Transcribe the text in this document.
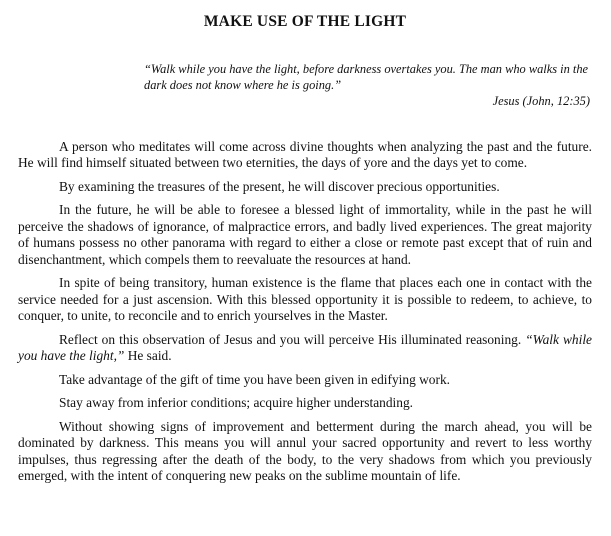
MAKE USE OF THE LIGHT

“Walk while you have the light, before darkness overtakes you. The man who walks in the dark does not know where he is going.”

Jesus (John, 12:35)

A person who meditates will come across divine thoughts when analyzing the past and the future. He will find himself situated between two eternities, the days of yore and the days yet to come.

By examining the treasures of the present, he will discover precious opportunities.

In the future, he will be able to foresee a blessed light of immortality, while in the past he will perceive the shadows of ignorance, of malpractice errors, and badly lived experiences. The great majority of humans possess no other panorama with regard to either a close or remote past except that of ruin and disenchantment, which compels them to reevaluate the resources at hand.

In spite of being transitory, human existence is the flame that places each one in contact with the service needed for a just ascension. With this blessed opportunity it is possible to redeem, to achieve, to conquer, to unite, to reconcile and to enrich yourselves in the Master.

Reflect on this observation of Jesus and you will perceive His illuminated reasoning. “Walk while you have the light,” He said.

Take advantage of the gift of time you have been given in edifying work.

Stay away from inferior conditions; acquire higher understanding.

Without showing signs of improvement and betterment during the march ahead, you will be dominated by darkness. This means you will annul your sacred opportunity and revert to less worthy impulses, thus regressing after the death of the body, to the very shadows from which you previously emerged, with the intent of conquering new peaks on the sublime mountain of life.
